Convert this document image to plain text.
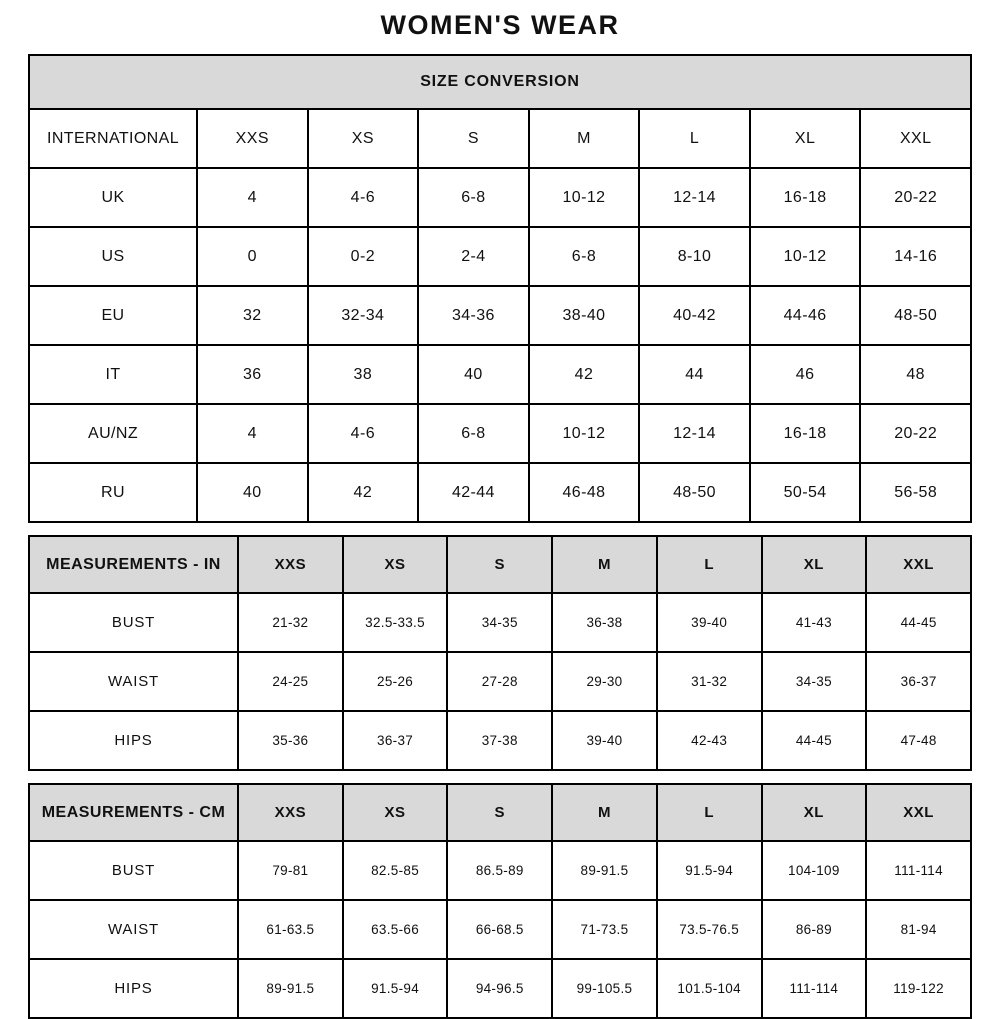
WOMEN'S WEAR
SIZE CONVERSION							
INTERNATIONAL	XXS	XS	S	M	L	XL	XXL
UK	4	4-6	6-8	10-12	12-14	16-18	20-22
US	0	0-2	2-4	6-8	8-10	10-12	14-16
EU	32	32-34	34-36	38-40	40-42	44-46	48-50
IT	36	38	40	42	44	46	48
AU/NZ	4	4-6	6-8	10-12	12-14	16-18	20-22
RU	40	42	42-44	46-48	48-50	50-54	56-58
MEASUREMENTS - IN	XXS	XS	S	M	L	XL	XXL
BUST	21-32	32.5-33.5	34-35	36-38	39-40	41-43	44-45
WAIST	24-25	25-26	27-28	29-30	31-32	34-35	36-37
HIPS	35-36	36-37	37-38	39-40	42-43	44-45	47-48
MEASUREMENTS - CM	XXS	XS	S	M	L	XL	XXL
BUST	79-81	82.5-85	86.5-89	89-91.5	91.5-94	104-109	111-114
WAIST	61-63.5	63.5-66	66-68.5	71-73.5	73.5-76.5	86-89	81-94
HIPS	89-91.5	91.5-94	94-96.5	99-105.5	101.5-104	111-114	119-122
